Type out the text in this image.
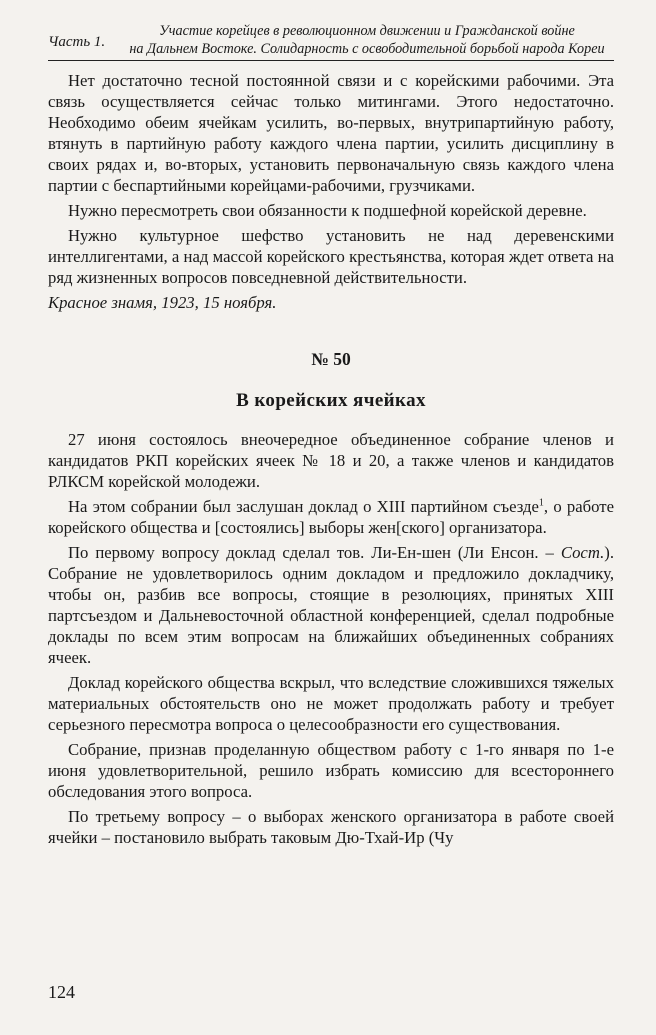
Часть 1.
Участие корейцев в революционном движении и Гражданской войне
на Дальнем Востоке. Солидарность с освободительной борьбой народа Кореи

Нет достаточно тесной постоянной связи и с корейскими рабочими. Эта связь осуществляется сейчас только митингами. Этого недостаточно. Необходимо обеим ячейкам усилить, во-первых, внутрипартийную работу, втянуть в партийную работу каждого члена партии, усилить дисциплину в своих рядах и, во-вторых, установить первоначальную связь каждого члена партии с беспартийными корейцами-рабочими, грузчиками.

Нужно пересмотреть свои обязанности к подшефной корейской деревне.

Нужно культурное шефство установить не над деревенскими интеллигентами, а над массой корейского крестьянства, которая ждет ответа на ряд жизненных вопросов повседневной действительности.

Красное знамя, 1923, 15 ноября.

№ 50
В корейских ячейках

27 июня состоялось внеочередное объединенное собрание членов и кандидатов РКП корейских ячеек № 18 и 20, а также членов и кандидатов РЛКСМ корейской молодежи.

На этом собрании был заслушан доклад о XIII партийном съезде$^1$, о работе корейского общества и [состоялись] выборы жен[ского] организатора.

По первому вопросу доклад сделал тов. Ли-Ен-шен (Ли Енсон. – Сост.). Собрание не удовлетворилось одним докладом и предложило докладчику, чтобы он, разбив все вопросы, стоящие в резолюциях, принятых XIII партсъездом и Дальневосточной областной конференцией, сделал подробные доклады по всем этим вопросам на ближайших объединенных собраниях ячеек.

Доклад корейского общества вскрыл, что вследствие сложившихся тяжелых материальных обстоятельств оно не может продолжать работу и требует серьезного пересмотра вопроса о целесообразности его существования.

Собрание, признав проделанную обществом работу с 1-го января по 1-е июня удовлетворительной, решило избрать комиссию для всестороннего обследования этого вопроса.

По третьему вопросу – о выборах женского организатора в работе своей ячейки – постановило выбрать таковым Дю-Тхай-Ир (Чу

124
